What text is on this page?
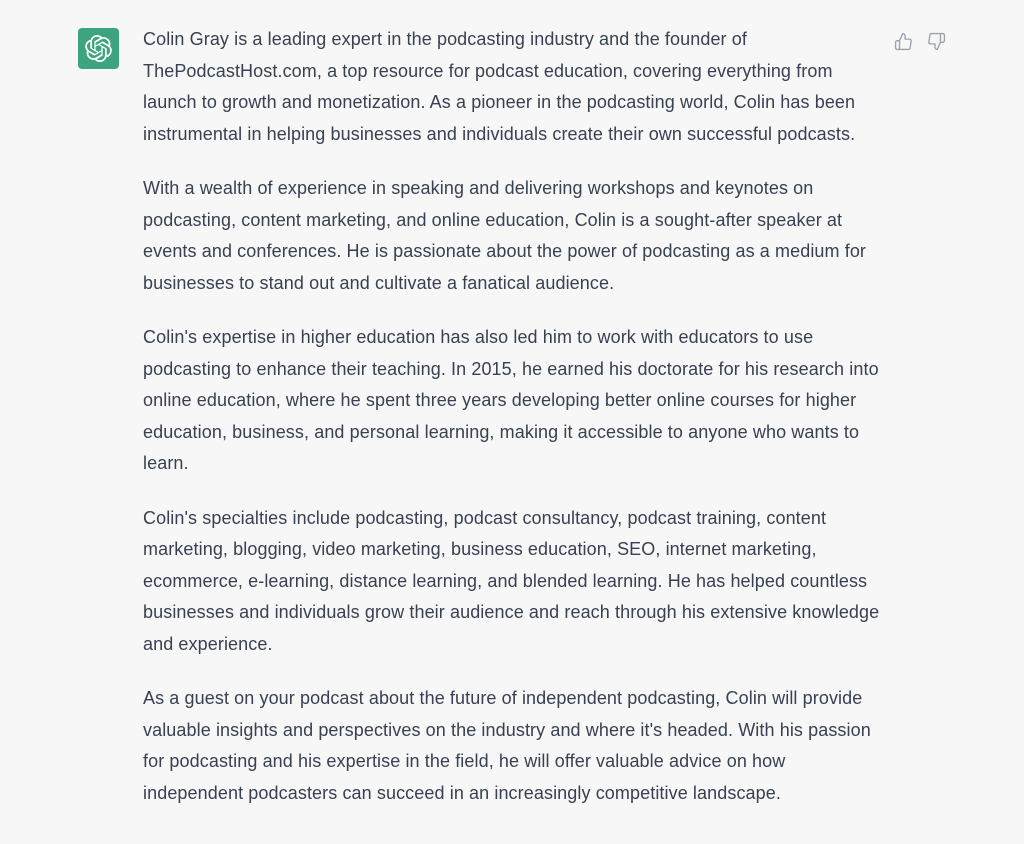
Colin Gray is a leading expert in the podcasting industry and the founder of ThePodcastHost.com, a top resource for podcast education, covering everything from launch to growth and monetization. As a pioneer in the podcasting world, Colin has been instrumental in helping businesses and individuals create their own successful podcasts.

With a wealth of experience in speaking and delivering workshops and keynotes on podcasting, content marketing, and online education, Colin is a sought-after speaker at events and conferences. He is passionate about the power of podcasting as a medium for businesses to stand out and cultivate a fanatical audience.

Colin's expertise in higher education has also led him to work with educators to use podcasting to enhance their teaching. In 2015, he earned his doctorate for his research into online education, where he spent three years developing better online courses for higher education, business, and personal learning, making it accessible to anyone who wants to learn.

Colin's specialties include podcasting, podcast consultancy, podcast training, content marketing, blogging, video marketing, business education, SEO, internet marketing, ecommerce, e-learning, distance learning, and blended learning. He has helped countless businesses and individuals grow their audience and reach through his extensive knowledge and experience.

As a guest on your podcast about the future of independent podcasting, Colin will provide valuable insights and perspectives on the industry and where it's headed. With his passion for podcasting and his expertise in the field, he will offer valuable advice on how independent podcasters can succeed in an increasingly competitive landscape.
